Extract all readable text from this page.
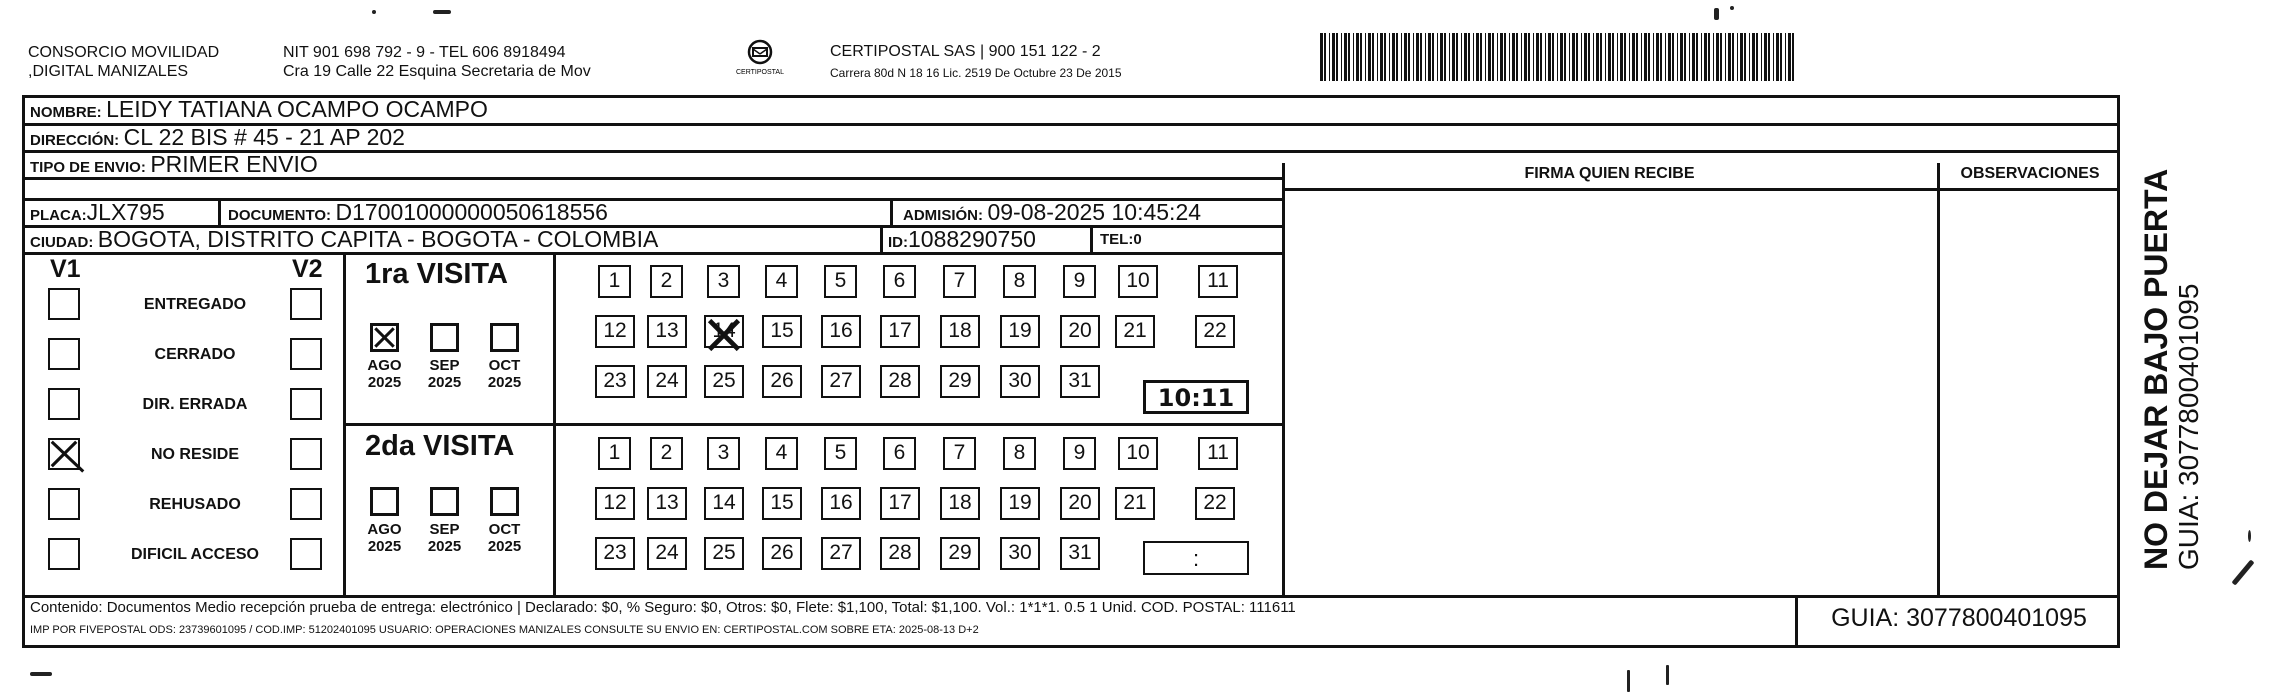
CONSORCIO MOVILIDAD
,DIGITAL MANIZALES
NIT 901 698 792 - 9 - TEL 606 8918494
Cra 19 Calle 22 Esquina Secretaria de Mov	CERTIPOSTAL
CERTIPOSTAL SAS | 900 151 122 - 2
Carrera 80d N 18 16 Lic. 2519 De Octubre 23 De 2015
NOMBRE: LEIDY TATIANA OCAMPO OCAMPO
DIRECCIÓN: CL 22 BIS # 45 - 21 AP 202
TIPO DE ENVIO: PRIMER ENVIO
PLACA:JLX795	DOCUMENTO: D17001000000050618556	ADMISIÓN: 09-08-2025 10:45:24
CIUDAD: BOGOTA, DISTRITO CAPITA - BOGOTA - COLOMBIA	ID:1088290750	TEL:0
FIRMA QUIEN RECIBE	OBSERVACIONES
V1	V2 1ra VISITA
10:11
2da VISITA
:
Contenido: Documentos Medio recepción prueba de entrega: electrónico | Declarado: $0, % Seguro: $0, Otros: $0, Flete: $1,100, Total: $1,100. Vol.: 1*1*1. 0.5 1 Unid. COD. POSTAL: 111611
IMP POR FIVEPOSTAL ODS: 23739601095 / COD.IMP: 51202401095 USUARIO: OPERACIONES MANIZALES CONSULTE SU ENVIO EN: CERTIPOSTAL.COM SOBRE ETA: 2025-08-13 D+2	GUIA: 3077800401095
NO DEJAR BAJO PUERTA GUIA: 3077800401095
ENTREGADO
CERRADO
DIR. ERRADA
NO RESIDE
REHUSADO
DIFICIL ACCESO
AGO
2025
SEP
2025
OCT
2025
AGO
2025
SEP
2025
OCT
2025
1	2	3	4	5	6	7	8	9	10	11
12	13	14	15	16	17	18	19	20	21	22
23	24	25	26	27	28	29	30	31
1	2	3	4	5	6	7	8	9	10	11
12	13	14	15	16	17	18	19	20	21	22
23	24	25	26	27	28	29	30	31
